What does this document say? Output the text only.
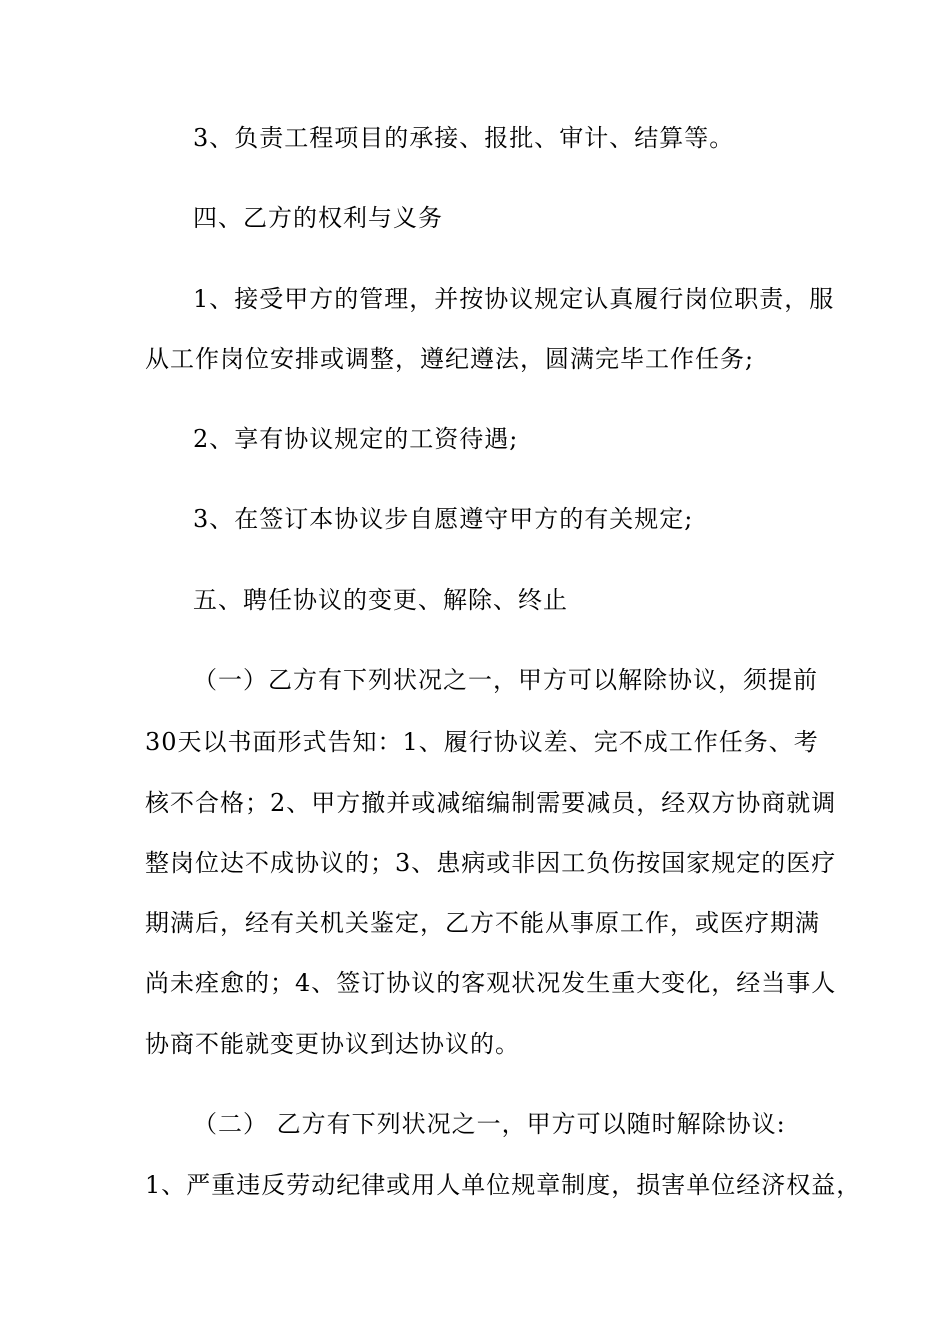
3、负责工程项目的承接、报批、审计、结算等。
四、乙方的权利与义务
1、接受甲方的管理，并按协议规定认真履行岗位职责，服
从工作岗位安排或调整，遵纪遵法，圆满完毕工作任务;
2、享有协议规定的工资待遇;
3、在签订本协议步自愿遵守甲方的有关规定;
五、聘任协议的变更、解除、终止
（一）乙方有下列状况之一，甲方可以解除协议，须提前
30天以书面形式告知：1、履行协议差、完不成工作任务、考
核不合格；2、甲方撤并或减缩编制需要减员，经双方协商就调
整岗位达不成协议的；3、患病或非因工负伤按国家规定的医疗
期满后，经有关机关鉴定，乙方不能从事原工作，或医疗期满
尚未痊愈的；4、签订协议的客观状况发生重大变化，经当事人
协商不能就变更协议到达协议的。
（二） 乙方有下列状况之一，甲方可以随时解除协议:
1、严重违反劳动纪律或用人单位规章制度，损害单位经济权益，
